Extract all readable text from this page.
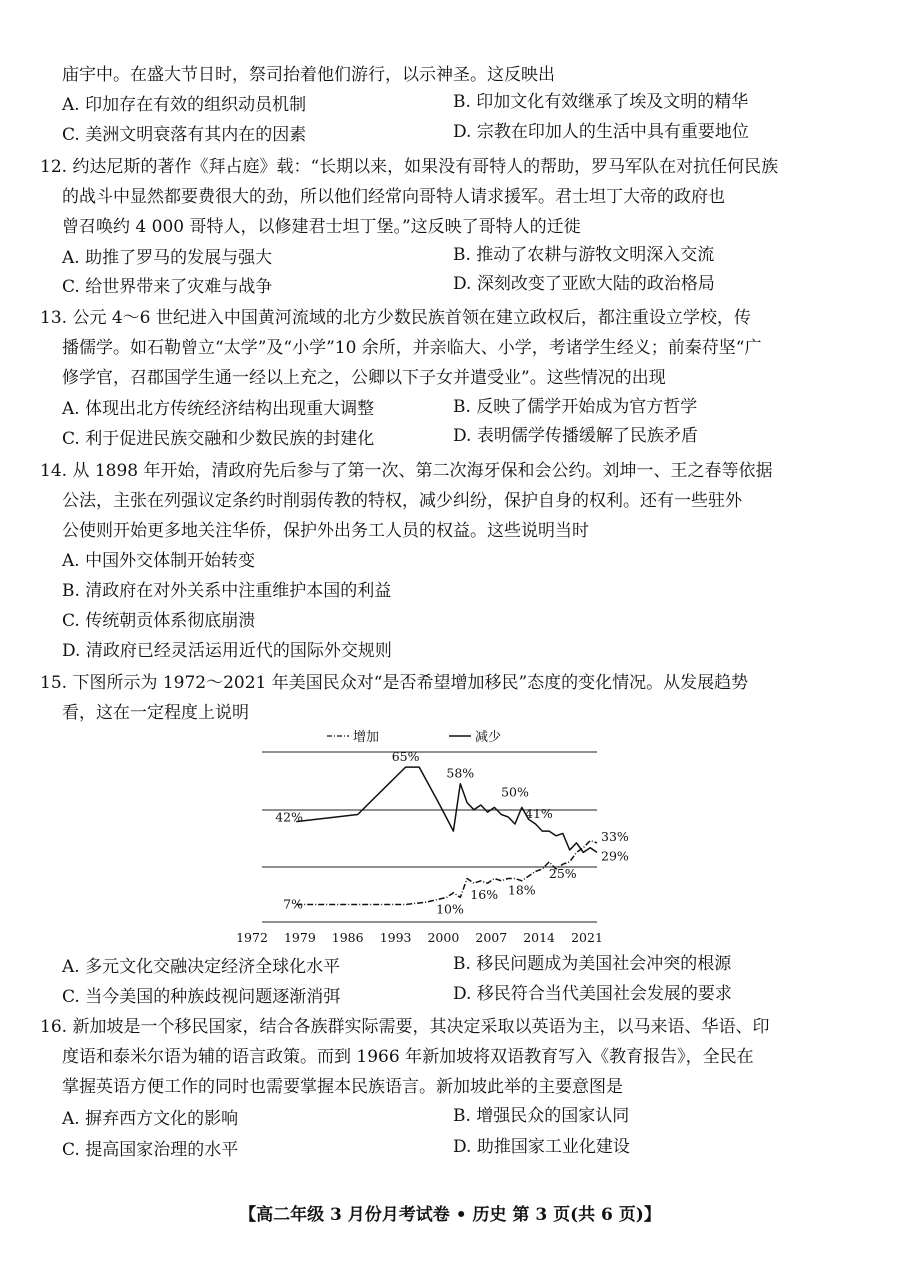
庙宇中。在盛大节日时，祭司抬着他们游行，以示神圣。这反映出
A. 印加存在有效的组织动员机制	B. 印加文化有效继承了埃及文明的精华
C. 美洲文明衰落有其内在的因素	D. 宗教在印加人的生活中具有重要地位
12. 约达尼斯的著作《拜占庭》载：“长期以来，如果没有哥特人的帮助，罗马军队在对抗任何民族
的战斗中显然都要费很大的劲，所以他们经常向哥特人请求援军。君士坦丁大帝的政府也
曾召唤约 4 000 哥特人，以修建君士坦丁堡。”这反映了哥特人的迁徙
A. 助推了罗马的发展与强大	B. 推动了农耕与游牧文明深入交流
C. 给世界带来了灾难与战争	D. 深刻改变了亚欧大陆的政治格局
13. 公元 4～6 世纪进入中国黄河流域的北方少数民族首领在建立政权后，都注重设立学校，传
播儒学。如石勒曾立“太学”及“小学”10 余所，并亲临大、小学，考诸学生经义；前秦苻坚“广
修学官，召郡国学生通一经以上充之，公卿以下子女并遣受业”。这些情况的出现
A. 体现出北方传统经济结构出现重大调整	B. 反映了儒学开始成为官方哲学
C. 利于促进民族交融和少数民族的封建化	D. 表明儒学传播缓解了民族矛盾
14. 从 1898 年开始，清政府先后参与了第一次、第二次海牙保和会公约。刘坤一、王之春等依据
公法，主张在列强议定条约时削弱传教的特权，减少纠纷，保护自身的权利。还有一些驻外
公使则开始更多地关注华侨，保护外出务工人员的权益。这些说明当时
A. 中国外交体制开始转变
B. 清政府在对外关系中注重维护本国的利益
C. 传统朝贡体系彻底崩溃
D. 清政府已经灵活运用近代的国际外交规则
15. 下图所示为 1972～2021 年美国民众对“是否希望增加移民”态度的变化情况。从发展趋势
看，这在一定程度上说明
增加	减少
42%
65%
58%
50%
41%
33%
29%
7%	10%
16% 18%
25%
1972 1979 1986 1993 2000 2007 2014 2021
A. 多元文化交融决定经济全球化水平	B. 移民问题成为美国社会冲突的根源
C. 当今美国的种族歧视问题逐渐消弭	D. 移民符合当代美国社会发展的要求
16. 新加坡是一个移民国家，结合各族群实际需要，其决定采取以英语为主，以马来语、华语、印
度语和泰米尔语为辅的语言政策。而到 1966 年新加坡将双语教育写入《教育报告》，全民在
掌握英语方便工作的同时也需要掌握本民族语言。新加坡此举的主要意图是
A. 摒弃西方文化的影响	B. 增强民众的国家认同
C. 提高国家治理的水平	D. 助推国家工业化建设
【高二年级 3 月份月考试卷 • 历史 第 3 页(共 6 页)】
